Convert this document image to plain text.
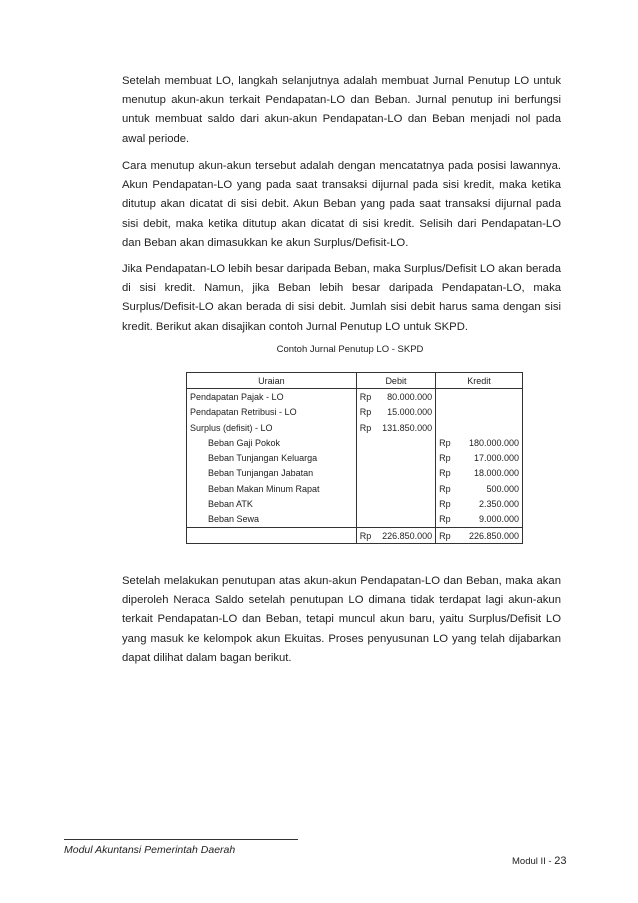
Setelah membuat LO, langkah selanjutnya adalah membuat Jurnal Penutup LO untuk menutup akun-akun terkait Pendapatan-LO dan Beban. Jurnal penutup ini berfungsi untuk membuat saldo dari akun-akun Pendapatan-LO dan Beban menjadi nol pada awal periode.

Cara menutup akun-akun tersebut adalah dengan mencatatnya pada posisi lawannya. Akun Pendapatan-LO yang pada saat transaksi dijurnal pada sisi kredit, maka ketika ditutup akan dicatat di sisi debit. Akun Beban yang pada saat transaksi dijurnal pada sisi debit, maka ketika ditutup akan dicatat di sisi kredit. Selisih dari Pendapatan-LO dan Beban akan dimasukkan ke akun Surplus/Defisit-LO.

Jika Pendapatan-LO lebih besar daripada Beban, maka Surplus/Defisit LO akan berada di sisi kredit. Namun, jika Beban lebih besar daripada Pendapatan-LO, maka Surplus/Defisit-LO akan berada di sisi debit. Jumlah sisi debit harus sama dengan sisi kredit. Berikut akan disajikan contoh Jurnal Penutup LO untuk SKPD.

Contoh Jurnal Penutup LO - SKPD
Uraian	Debit		Kredit	
Pendapatan Pajak - LO	Rp	80.000.000		
Pendapatan Retribusi - LO	Rp	15.000.000		
Surplus (defisit) - LO	Rp	131.850.000		
Beban Gaji Pokok			Rp	180.000.000
Beban Tunjangan Keluarga			Rp	17.000.000
Beban Tunjangan Jabatan			Rp	18.000.000
Beban Makan Minum Rapat			Rp	500.000
Beban ATK			Rp	2.350.000
Beban Sewa			Rp	9.000.000
	Rp	226.850.000	Rp	226.850.000

Setelah melakukan penutupan atas akun-akun Pendapatan-LO dan Beban, maka akan diperoleh Neraca Saldo setelah penutupan LO dimana tidak terdapat lagi akun-akun terkait Pendapatan-LO dan Beban, tetapi muncul akun baru, yaitu Surplus/Defisit LO yang masuk ke kelompok akun Ekuitas. Proses penyusunan LO yang telah dijabarkan dapat dilihat dalam bagan berikut.

Modul Akuntansi Pemerintah Daerah
Modul II - 23
